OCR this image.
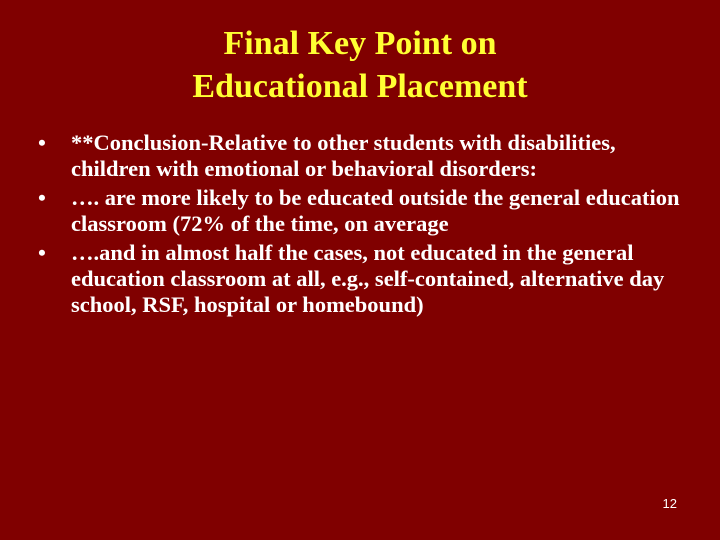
Final Key Point on
Educational Placement
•	**Conclusion-Relative to other students with disabilities, children with emotional or behavioral disorders:
•	…. are more likely to be educated outside the general education classroom (72% of the time, on average
•	….and in almost half the cases, not educated in the general education classroom at all, e.g., self-contained, alternative day school, RSF, hospital or homebound)
12
